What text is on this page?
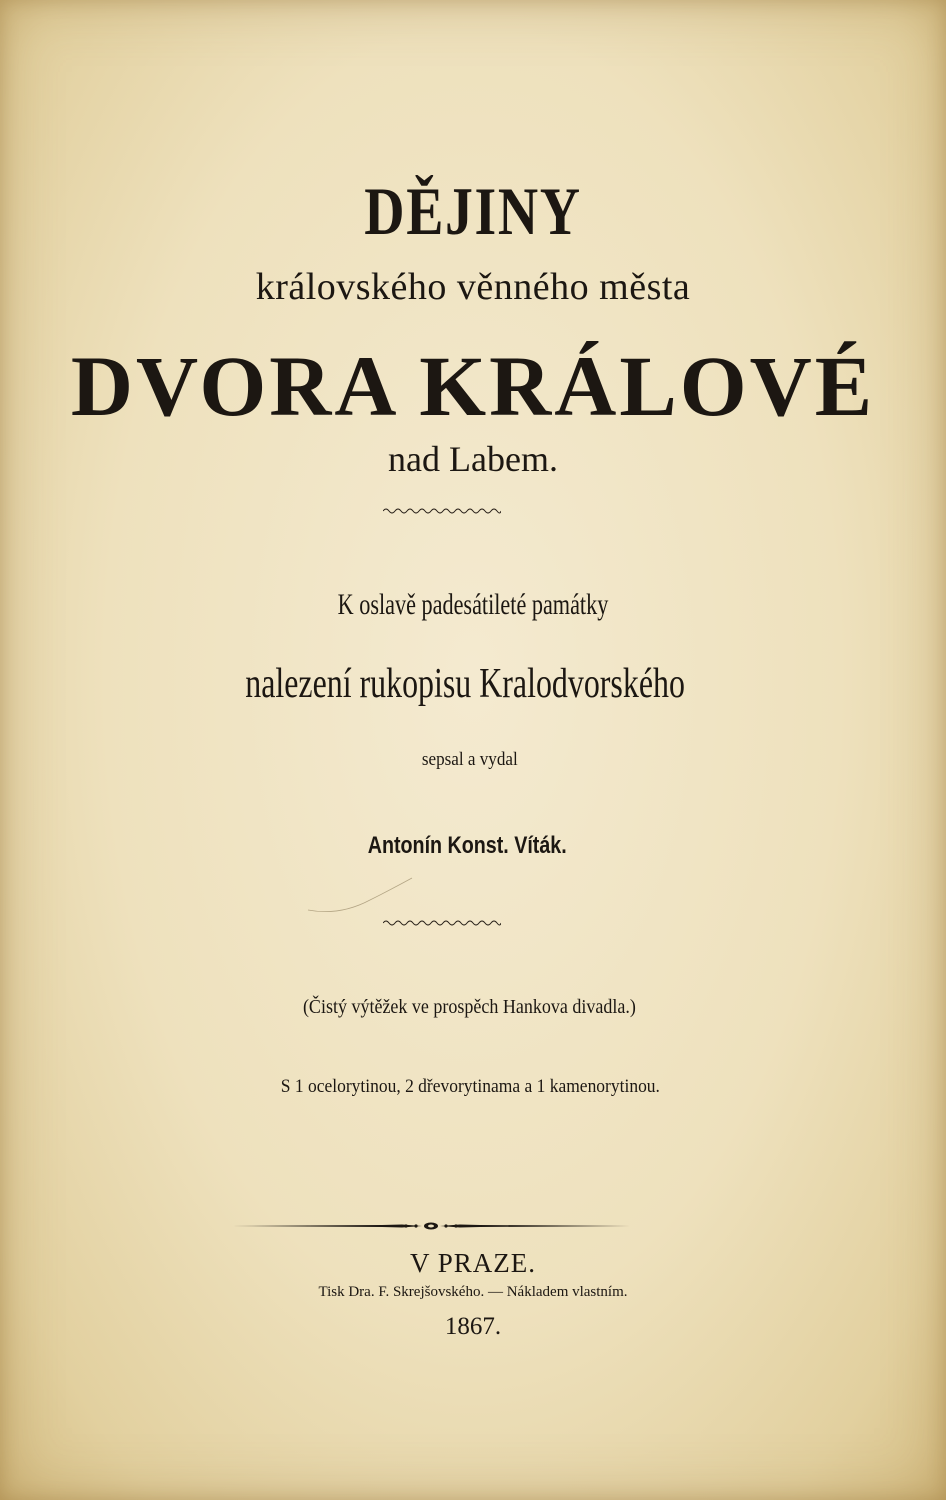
DĚJINY
královského věnného města
DVORA KRÁLOVÉ
nad Labem.
K oslavě padesátileté památky
nalezení rukopisu Kralodvorského
sepsal a vydal
Antonín Konst. Víták.
(Čistý výtěžek ve prospěch Hankova divadla.)
S 1 ocelorytinou, 2 dřevorytinama a 1 kamenorytinou.
V PRAZE.
Tisk Dra. F. Skrejšovského. — Nákladem vlastním.
1867.
